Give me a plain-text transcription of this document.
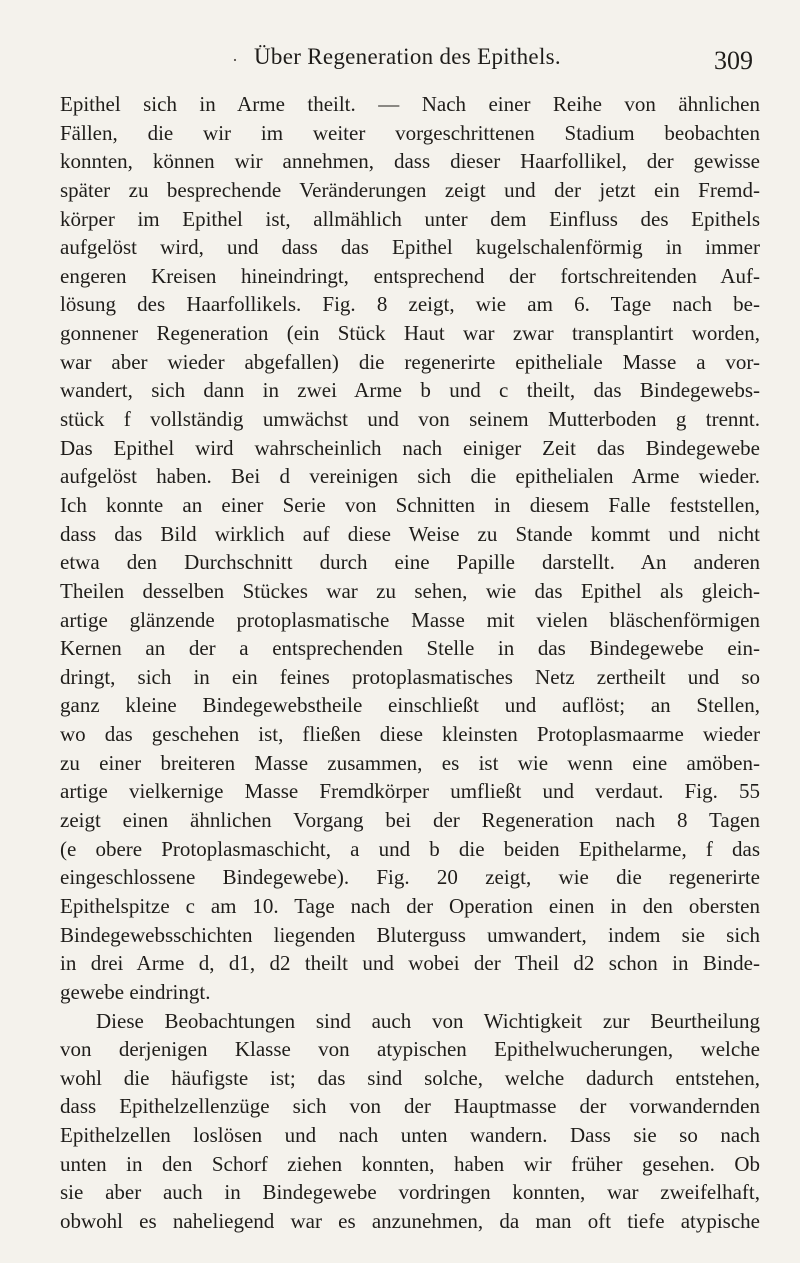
· Über Regeneration des Epithels.	309

Epithel sich in Arme theilt. — Nach einer Reihe von ähnlichen
Fällen, die wir im weiter vorgeschrittenen Stadium beobachten
konnten, können wir annehmen, dass dieser Haarfollikel, der gewisse
später zu besprechende Veränderungen zeigt und der jetzt ein Fremd-
körper im Epithel ist, allmählich unter dem Einfluss des Epithels
aufgelöst wird, und dass das Epithel kugelschalenförmig in immer
engeren Kreisen hineindringt, entsprechend der fortschreitenden Auf-
lösung des Haarfollikels. Fig. 8 zeigt, wie am 6. Tage nach be-
gonnener Regeneration (ein Stück Haut war zwar transplantirt worden,
war aber wieder abgefallen) die regenerirte epitheliale Masse a vor-
wandert, sich dann in zwei Arme b und c theilt, das Bindegewebs-
stück f vollständig umwächst und von seinem Mutterboden g trennt.
Das Epithel wird wahrscheinlich nach einiger Zeit das Bindegewebe
aufgelöst haben. Bei d vereinigen sich die epithelialen Arme wieder.
Ich konnte an einer Serie von Schnitten in diesem Falle feststellen,
dass das Bild wirklich auf diese Weise zu Stande kommt und nicht
etwa den Durchschnitt durch eine Papille darstellt. An anderen
Theilen desselben Stückes war zu sehen, wie das Epithel als gleich-
artige glänzende protoplasmatische Masse mit vielen bläschenförmigen
Kernen an der a entsprechenden Stelle in das Bindegewebe ein-
dringt, sich in ein feines protoplasmatisches Netz zertheilt und so
ganz kleine Bindegewebstheile einschließt und auflöst; an Stellen,
wo das geschehen ist, fließen diese kleinsten Protoplasmaarme wieder
zu einer breiteren Masse zusammen, es ist wie wenn eine amöben-
artige vielkernige Masse Fremdkörper umfließt und verdaut. Fig. 55
zeigt einen ähnlichen Vorgang bei der Regeneration nach 8 Tagen
(e obere Protoplasmaschicht, a und b die beiden Epithelarme, f das
eingeschlossene Bindegewebe). Fig. 20 zeigt, wie die regenerirte
Epithelspitze c am 10. Tage nach der Operation einen in den obersten
Bindegewebsschichten liegenden Bluterguss umwandert, indem sie sich
in drei Arme d, d1, d2 theilt und wobei der Theil d2 schon in Binde-
gewebe eindringt.

Diese Beobachtungen sind auch von Wichtigkeit zur Beurtheilung
von derjenigen Klasse von atypischen Epithelwucherungen, welche
wohl die häufigste ist; das sind solche, welche dadurch entstehen,
dass Epithelzellenzüge sich von der Hauptmasse der vorwandernden
Epithelzellen loslösen und nach unten wandern. Dass sie so nach
unten in den Schorf ziehen konnten, haben wir früher gesehen. Ob
sie aber auch in Bindegewebe vordringen konnten, war zweifelhaft,
obwohl es naheliegend war es anzunehmen, da man oft tiefe atypische
